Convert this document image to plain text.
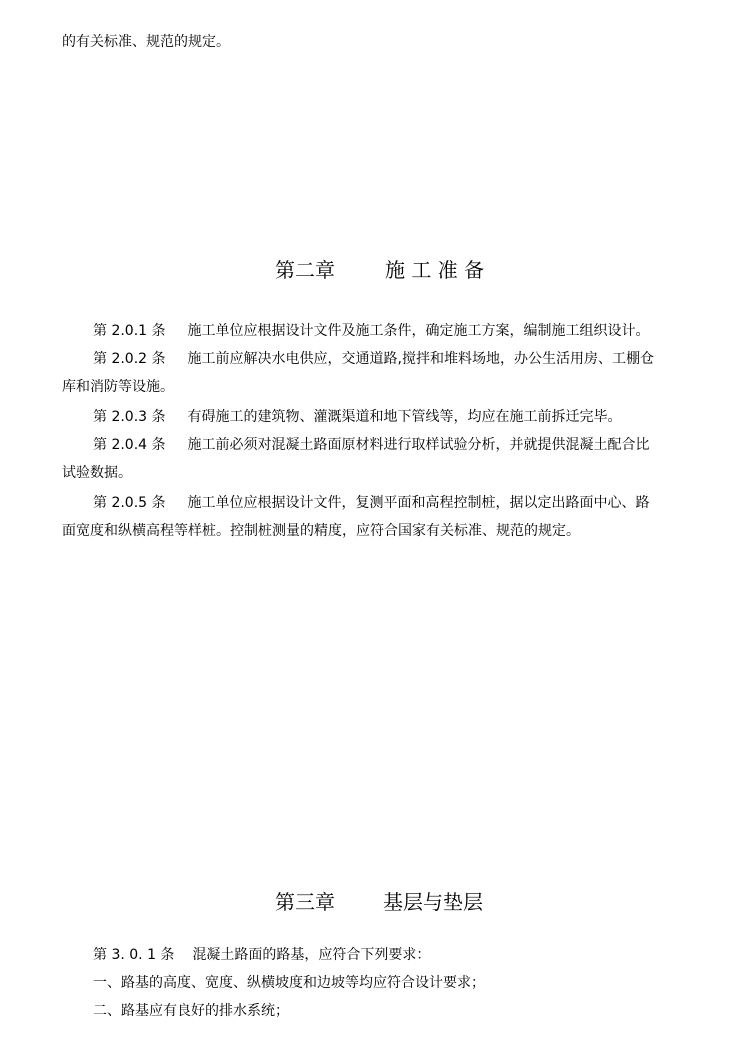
的有关标准、规范的规定。
第二章	施 工 准 备
第 2.0.1 条 施工单位应根据设计文件及施工条件，确定施工方案，编制施工组织设计。
第 2.0.2 条 施工前应解决水电供应，交通道路,搅拌和堆料场地，办公生活用房、工棚仓
库和消防等设施。
第 2.0.3 条 有碍施工的建筑物、灌溉渠道和地下管线等，均应在施工前拆迁完毕。
第 2.0.4 条 施工前必须对混凝土路面原材料进行取样试验分析，并就提供混凝土配合比
试验数据。
第 2.0.5 条 施工单位应根据设计文件，复测平面和高程控制桩，据以定出路面中心、路
面宽度和纵横高程等样桩。控制桩测量的精度，应符合国家有关标准、规范的规定。
第三章 基层与垫层
第 3. 0. 1 条 混凝土路面的路基，应符合下列要求：
一、路基的高度、宽度、纵横坡度和边坡等均应符合设计要求；
二、路基应有良好的排水系统；
